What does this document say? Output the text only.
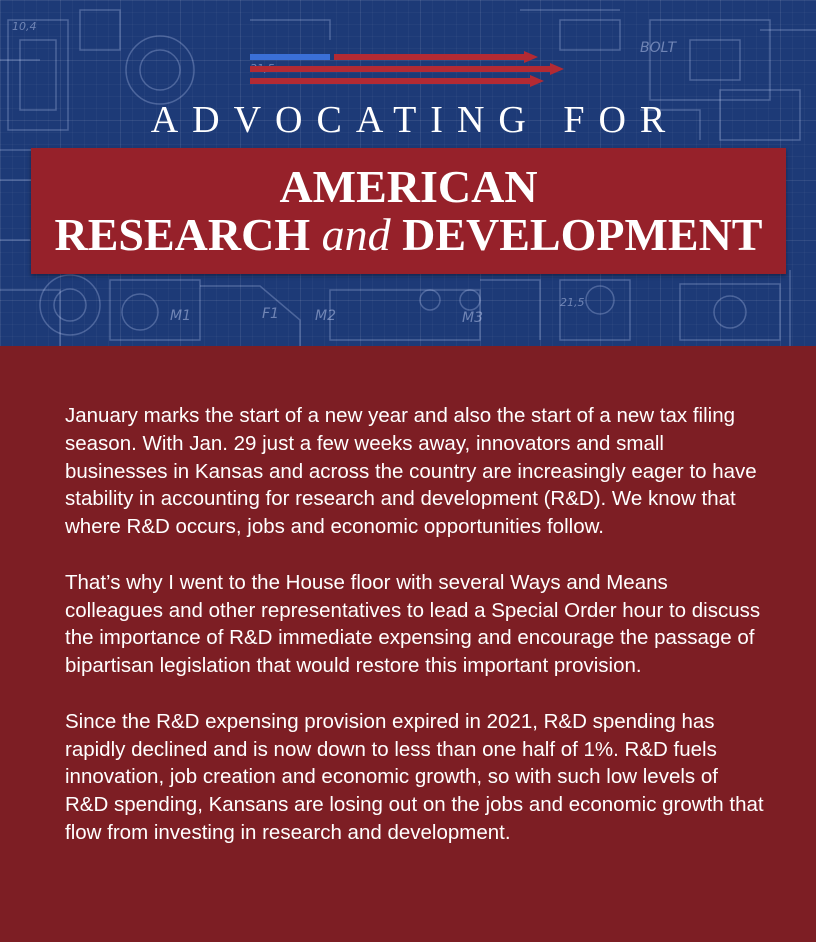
BOLT
M1	F1	M2	M3
21,5
10,4
ADVOCATING FOR
AMERICAN
RESEARCH and DEVELOPMENT

January marks the start of a new year and also the start of a new tax filing season. With Jan. 29 just a few weeks away, innovators and small businesses in Kansas and across the country are increasingly eager to have stability in accounting for research and development (R&D). We know that where R&D occurs, jobs and economic opportunities follow.

That’s why I went to the House floor with several Ways and Means colleagues and other representatives to lead a Special Order hour to discuss the importance of R&D immediate expensing and encourage the passage of bipartisan legislation that would restore this important provision.

Since the R&D expensing provision expired in 2021, R&D spending has rapidly declined and is now down to less than one half of 1%. R&D fuels innovation, job creation and economic growth, so with such low levels of R&D spending, Kansans are losing out on the jobs and economic growth that flow from investing in research and development.
